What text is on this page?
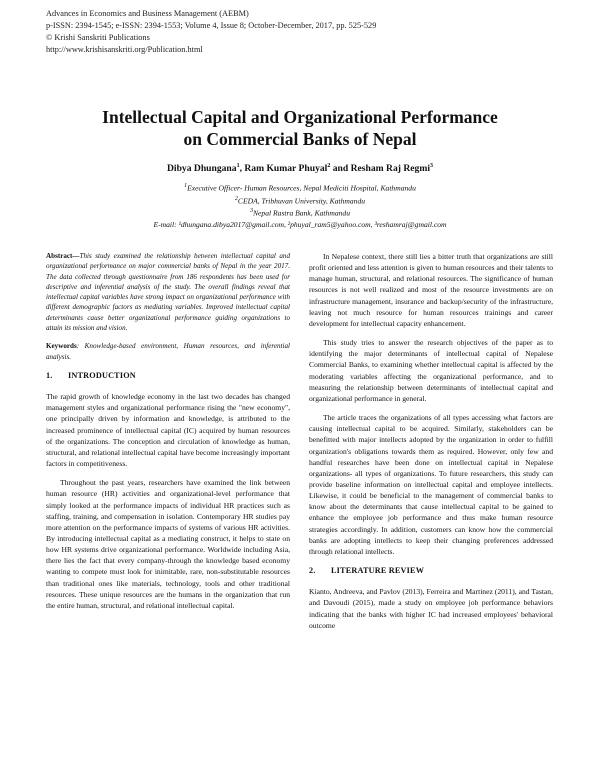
Advances in Economics and Business Management (AEBM)
p-ISSN: 2394-1545; e-ISSN: 2394-1553; Volume 4, Issue 8; October-December, 2017, pp. 525-529
© Krishi Sanskriti Publications
http://www.krishisanskriti.org/Publication.html
Intellectual Capital and Organizational Performance
on Commercial Banks of Nepal
Dibya Dhungana$^1$, Ram Kumar Phuyal$^2$ and Resham Raj Regmi$^3$
$^1$Executive Officer- Human Resources, Nepal Mediciti Hospital, Kathmandu
$^2$CEDA, Tribhuvan University, Kathmandu
$^3$Nepal Rastra Bank, Kathmandu
E-mail: ¹dhungana.dibya2017@gmail.com, ²phuyal_ram5@yahoo.com, ³reshamraj@gmail.com

Abstract—This study examined the relationship between intellectual capital and organizational performance on major commercial banks of Nepal in the year 2017. The data collected through questionnaire from 186 respondents has been used for descriptive and inferential analysis of the study. The overall findings reveal that intellectual capital variables have strong impact on organizational performance with different demographic factors as mediating variables. Improved intellectual capital determinants cause better organizational performance guiding organizations to attain its mission and vision.

Keywords: Knowledge-based environment, Human resources, and inferential analysis.

1. INTRODUCTION

The rapid growth of knowledge economy in the last two decades has changed management styles and organizational performance rising the "new economy", one principally driven by information and knowledge, is attributed to the increased prominence of intellectual capital (IC) acquired by human resources of the organizations. The conception and circulation of knowledge as human, structural, and relational intellectual capital have become increasingly important factors in competitiveness.

Throughout the past years, researchers have examined the link between human resource (HR) activities and organizational-level performance that simply looked at the performance impacts of individual HR practices such as staffing, training, and compensation in isolation. Contemporary HR studies pay more attention on the performance impacts of systems of various HR activities. By introducing intellectual capital as a mediating construct, it helps to state on how HR systems drive organizational performance. Worldwide including Asia, there lies the fact that every company-through the knowledge based economy wanting to compete must look for inimitable, rare, non-substitutable resources than traditional ones like materials, technology, tools and other traditional resources. These unique resources are the humans in the organization that run the entire human, structural, and relational intellectual capital.

In Nepalese context, there still lies a bitter truth that organizations are still profit oriented and less attention is given to human resources and their talents to manage human, structural, and relational resources. The significance of human resources is not well realized and most of the resource investments are on infrastructure management, insurance and backup/security of the infrastructure, leaving not much resource for human resources trainings and career development for intellectual capacity enhancement.

This study tries to answer the research objectives of the paper as to identifying the major determinants of intellectual capital of Nepalese Commercial Banks, to examining whether intellectual capital is affected by the moderating variables affecting the organizational performance, and to measuring the relationship between determinants of intellectual capital and organizational performance in general.

The article traces the organizations of all types accessing what factors are causing intellectual capital to be acquired. Similarly, stakeholders can be benefitted with major intellects adopted by the organization in order to fulfill organization's obligations towards them as required. However, only few and handful researches have been done on intellectual capital in Nepalese organizations- all types of organizations. To future researchers, this study can provide baseline information on intellectual capital and employee intellects. Likewise, it could be beneficial to the management of commercial banks to know about the determinants that cause intellectual capital to be gained to enhance the employee job performance and thus make human resource strategies accordingly. In addition, customers can know how the commercial banks are adopting intellects to keep their changing preferences addressed through relational intellects.

2. LITERATURE REVIEW

Kianto, Andreeva, and Pavlov (2013), Ferreira and Martinez (2011), and Tastan, and Davoudi (2015), made a study on employee job performance behaviors indicating that the banks with higher IC had increased employees' behavioral outcome
